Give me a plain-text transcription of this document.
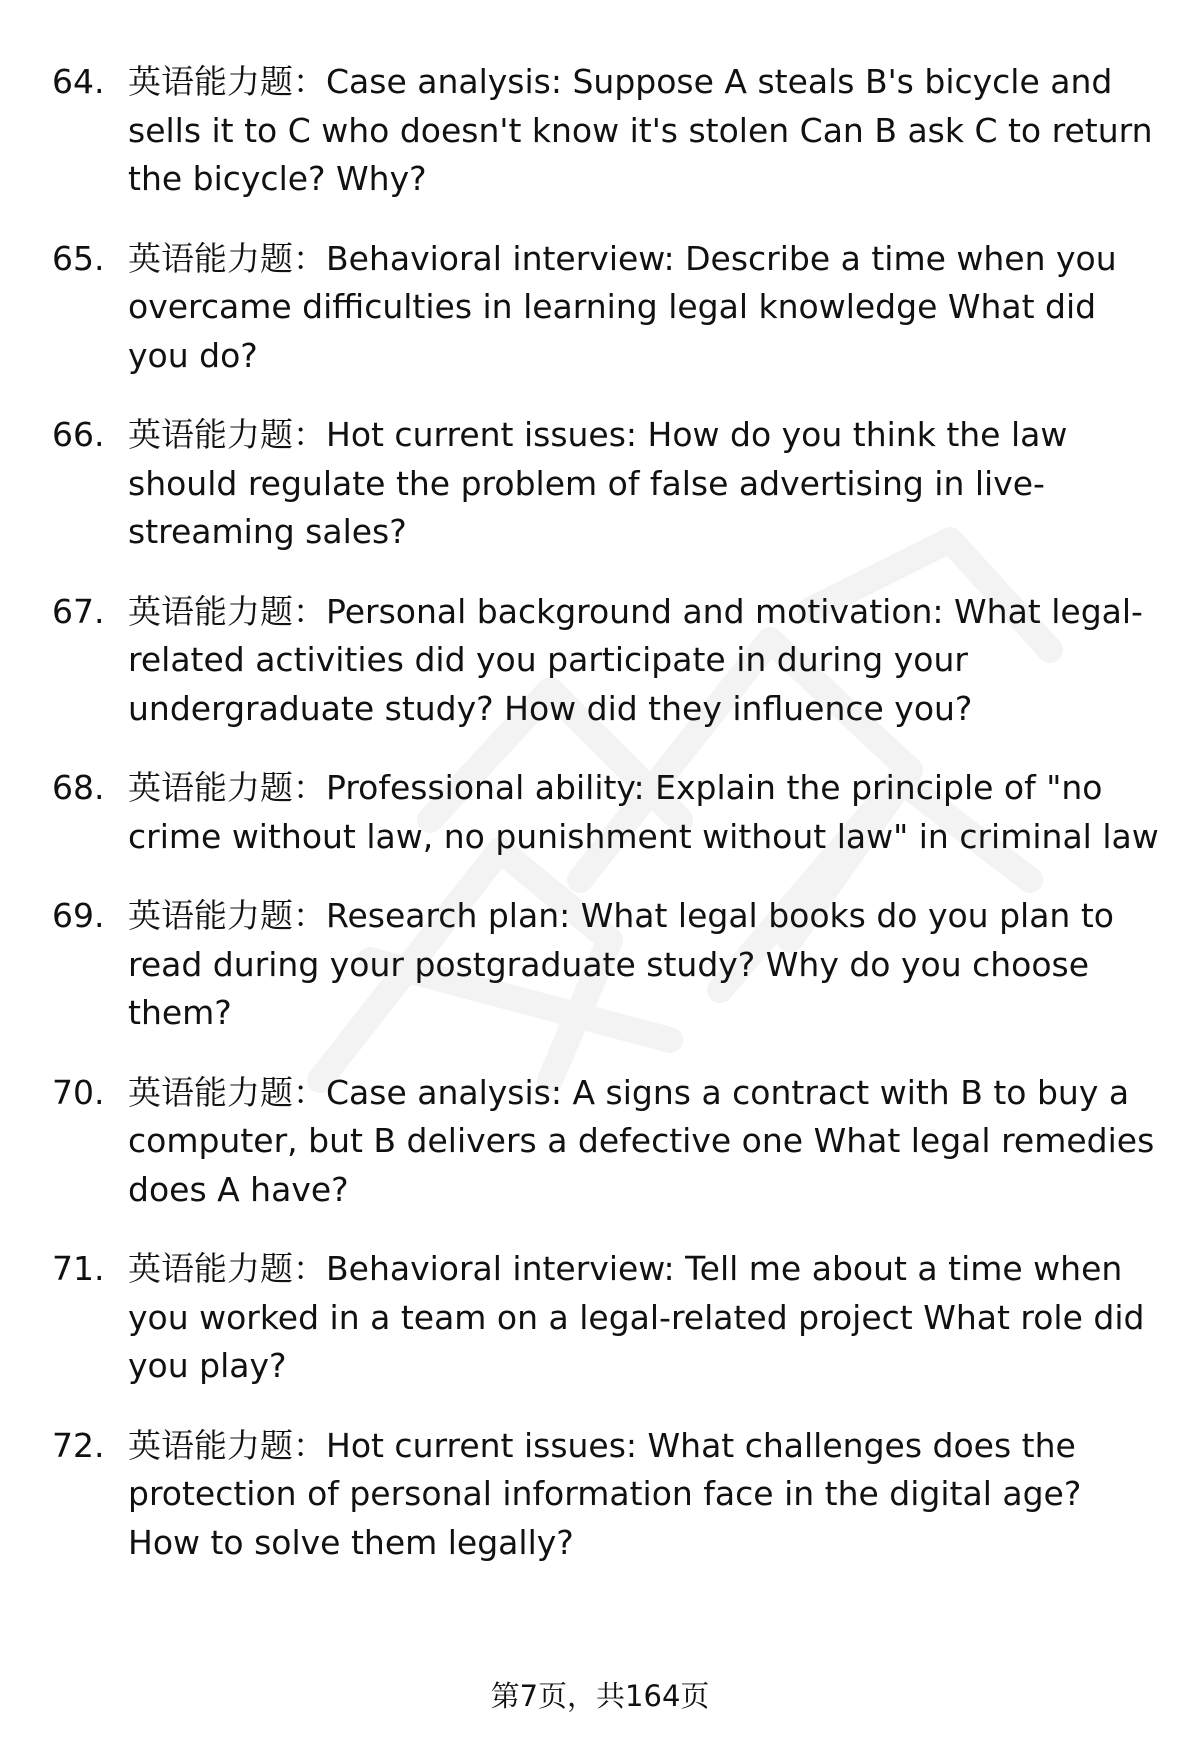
64. 英语能力题：Case analysis: Suppose A steals B's bicycle and sells it to C who doesn't know it's stolen Can B ask C to return the bicycle? Why?
65. 英语能力题：Behavioral interview: Describe a time when you overcame difficulties in learning legal knowledge What did you do?
66. 英语能力题：Hot current issues: How do you think the law should regulate the problem of false advertising in live-streaming sales?
67. 英语能力题：Personal background and motivation: What legal-related activities did you participate in during your undergraduate study? How did they influence you?
68. 英语能力题：Professional ability: Explain the principle of "no crime without law, no punishment without law" in criminal law
69. 英语能力题：Research plan: What legal books do you plan to read during your postgraduate study? Why do you choose them?
70. 英语能力题：Case analysis: A signs a contract with B to buy a computer, but B delivers a defective one What legal remedies does A have?
71. 英语能力题：Behavioral interview: Tell me about a time when you worked in a team on a legal-related project What role did you play?
72. 英语能力题：Hot current issues: What challenges does the protection of personal information face in the digital age? How to solve them legally?
第7页，共164页
